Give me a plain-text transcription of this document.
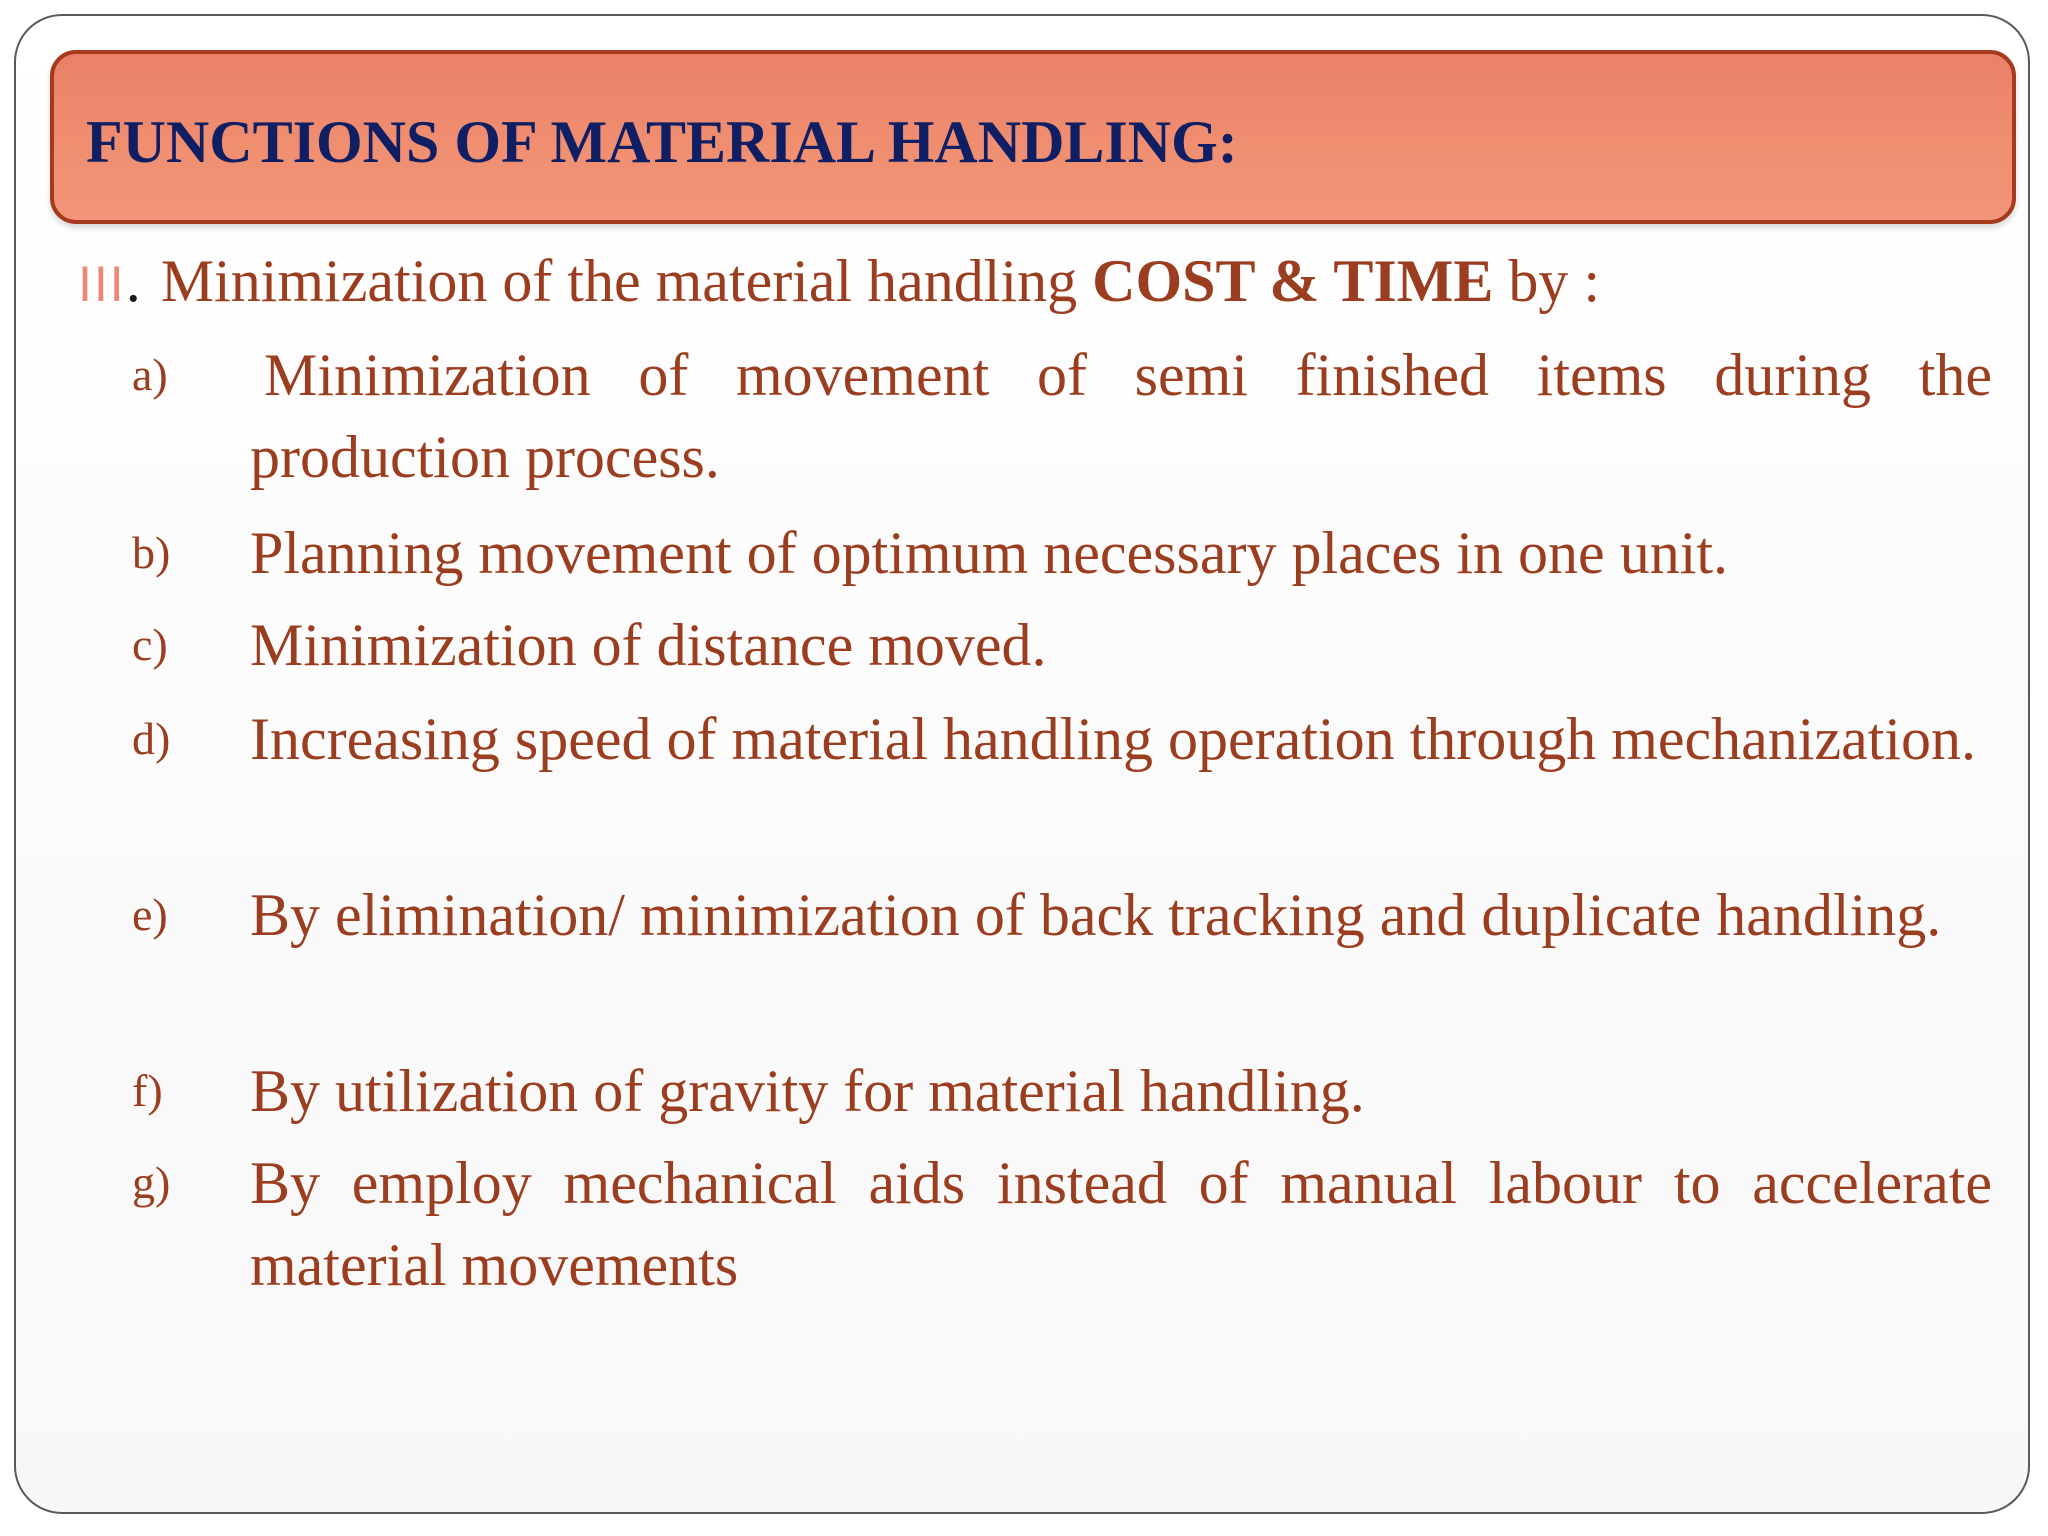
FUNCTIONS OF MATERIAL HANDLING:
III. Minimization of the material handling COST & TIME by :
a) Minimization of movement of semi finished items during the production process.

b) Planning movement of optimum necessary places in one unit.

c) Minimization of distance moved.

d) Increasing speed of material handling operation through mechanization.

e) By elimination/ minimization of back tracking and duplicate handling.

f) By utilization of gravity for material handling.

g) By employ mechanical aids instead of manual labour to accelerate material movements
